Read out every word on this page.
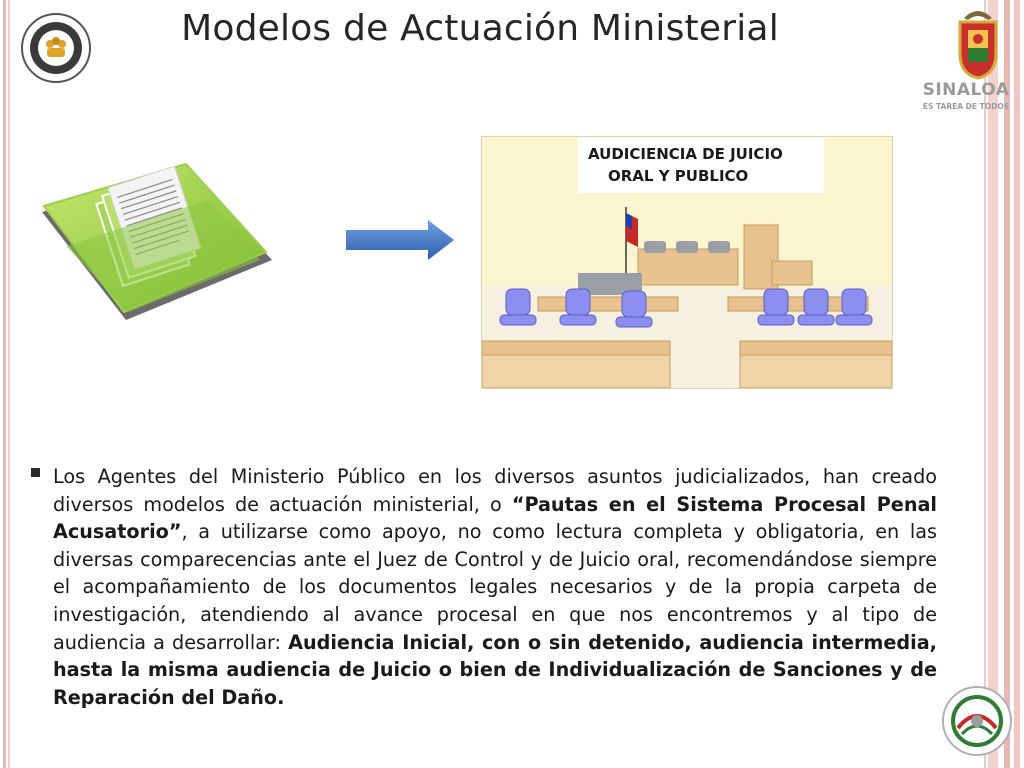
Modelos de Actuación Ministerial
SINALOA
ES TAREA DE TODOS
AUDICIENCIA DE JUICIO
ORAL Y PUBLICO
Los Agentes del Ministerio Público en los diversos asuntos judicializados, han creado diversos modelos de actuación ministerial, o “Pautas en el Sistema Procesal Penal Acusatorio”, a utilizarse como apoyo, no como lectura completa y obligatoria, en las diversas comparecencias ante el Juez de Control y de Juicio oral, recomendándose siempre el acompañamiento de los documentos legales necesarios y de la propia carpeta de investigación, atendiendo al avance procesal en que nos encontremos y al tipo de audiencia a desarrollar: Audiencia Inicial, con o sin detenido, audiencia intermedia, hasta la misma audiencia de Juicio o bien de Individualización de Sanciones y de Reparación del Daño.
